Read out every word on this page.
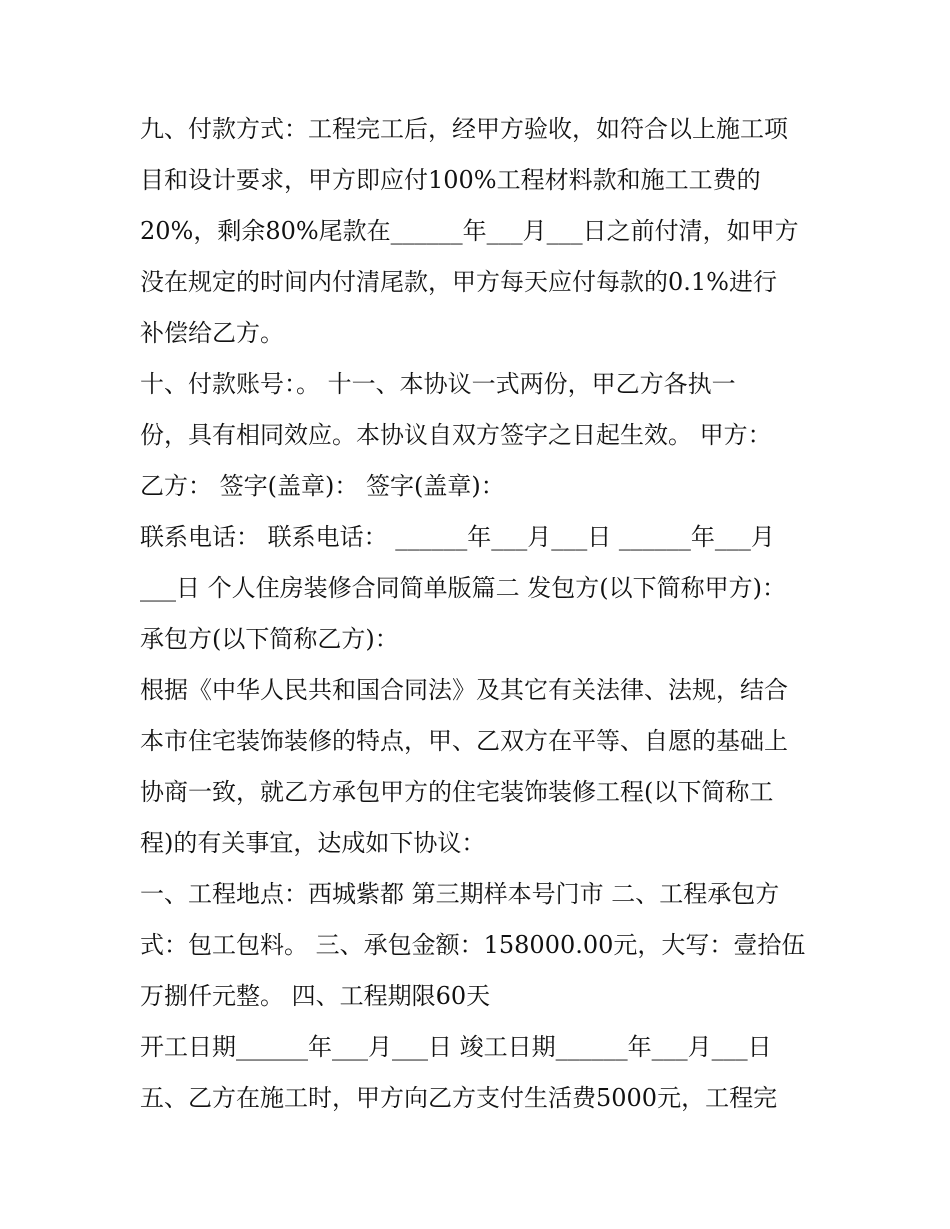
九、付款方式：工程完工后，经甲方验收，如符合以上施工项
目和设计要求，甲方即应付100%工程材料款和施工工费的
20%，剩余80%尾款在______年___月___日之前付清，如甲方
没在规定的时间内付清尾款，甲方每天应付每款的0.1%进行
补偿给乙方。
十、付款账号：。 十一、本协议一式两份，甲乙方各执一
份，具有相同效应。本协议自双方签字之日起生效。 甲方：
乙方： 签字(盖章)： 签字(盖章)：
联系电话： 联系电话： ______年___月___日 ______年___月
___日 个人住房装修合同简单版篇二 发包方(以下简称甲方)：
承包方(以下简称乙方)：
根据《中华人民共和国合同法》及其它有关法律、法规，结合
本市住宅装饰装修的特点，甲、乙双方在平等、自愿的基础上
协商一致，就乙方承包甲方的住宅装饰装修工程(以下简称工
程)的有关事宜，达成如下协议：
一、工程地点：西城紫都 第三期样本号门市 二、工程承包方
式：包工包料。 三、承包金额：158000.00元，大写：壹拾伍
万捌仟元整。 四、工程期限60天
开工日期______年___月___日 竣工日期______年___月___日
五、乙方在施工时，甲方向乙方支付生活费5000元，工程完
